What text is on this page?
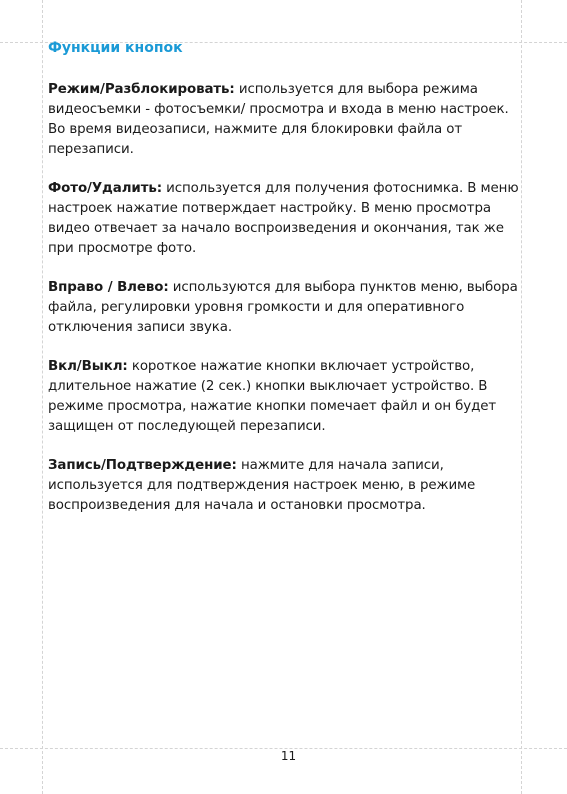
Функции кнопок

Режим/Разблокировать: используется для выбора режима видеосъемки - фотосъемки/ просмотра и входа в меню настроек. Во время видеозаписи, нажмите для блокировки файла от перезаписи.

Фото/Удалить: используется для получения фотоснимка. В меню настроек нажатие потверждает настройку. В меню просмотра видео отвечает за начало воспроизведения и окончания, так же при просмотре фото.

Вправо / Влево: используются для выбора пунктов меню, выбора файла, регулировки уровня громкости и для оперативного отключения записи звука.

Вкл/Выкл: короткое нажатие кнопки включает устройство, длительное нажатие (2 сек.) кнопки выключает устройство. В режиме просмотра, нажатие кнопки помечает файл и он будет защищен от последующей перезаписи.

Запись/Подтверждение: нажмите для начала записи, используется для подтверждения настроек меню, в режиме воспроизведения для начала и остановки просмотра.

11
